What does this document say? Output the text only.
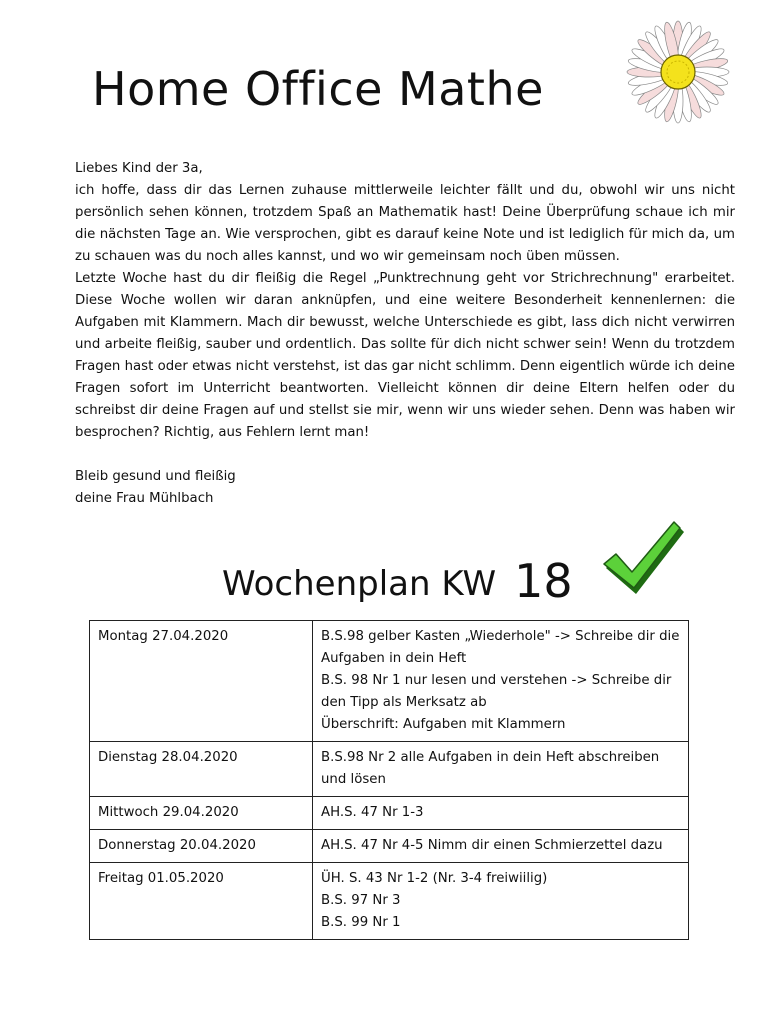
Home Office Mathe

Liebes Kind der 3a,

ich hoffe, dass dir das Lernen zuhause mittlerweile leichter fällt und du, obwohl wir uns nicht persönlich sehen können, trotzdem Spaß an Mathematik hast! Deine Überprüfung schaue ich mir die nächsten Tage an. Wie versprochen, gibt es darauf keine Note und ist lediglich für mich da, um zu schauen was du noch alles kannst, und wo wir gemeinsam noch üben müssen.

Letzte Woche hast du dir fleißig die Regel „Punktrechnung geht vor Strichrechnung" erarbeitet. Diese Woche wollen wir daran anknüpfen, und eine weitere Besonderheit kennenlernen: die Aufgaben mit Klammern. Mach dir bewusst, welche Unterschiede es gibt, lass dich nicht verwirren und arbeite fleißig, sauber und ordentlich. Das sollte für dich nicht schwer sein! Wenn du trotzdem Fragen hast oder etwas nicht verstehst, ist das gar nicht schlimm. Denn eigentlich würde ich deine Fragen sofort im Unterricht beantworten. Vielleicht können dir deine Eltern helfen oder du schreibst dir deine Fragen auf und stellst sie mir, wenn wir uns wieder sehen. Denn was haben wir besprochen? Richtig, aus Fehlern lernt man!

Bleib gesund und fleißig

deine Frau Mühlbach

Wochenplan KW 18
Montag 27.04.2020	B.S.98 gelber Kasten „Wiederhole" -> Schreibe dir die Aufgaben in dein Heft
B.S. 98 Nr 1 nur lesen und verstehen -> Schreibe dir den Tipp als Merksatz ab
Überschrift: Aufgaben mit Klammern

Dienstag 28.04.2020	B.S.98 Nr 2 alle Aufgaben in dein Heft abschreiben und lösen

Mittwoch 29.04.2020	AH.S. 47 Nr 1-3

Donnerstag 20.04.2020	AH.S. 47 Nr 4-5 Nimm dir einen Schmierzettel dazu

Freitag 01.05.2020	ÜH. S. 43 Nr 1-2 (Nr. 3-4 freiwiilig)
B.S. 97 Nr 3
B.S. 99 Nr 1
